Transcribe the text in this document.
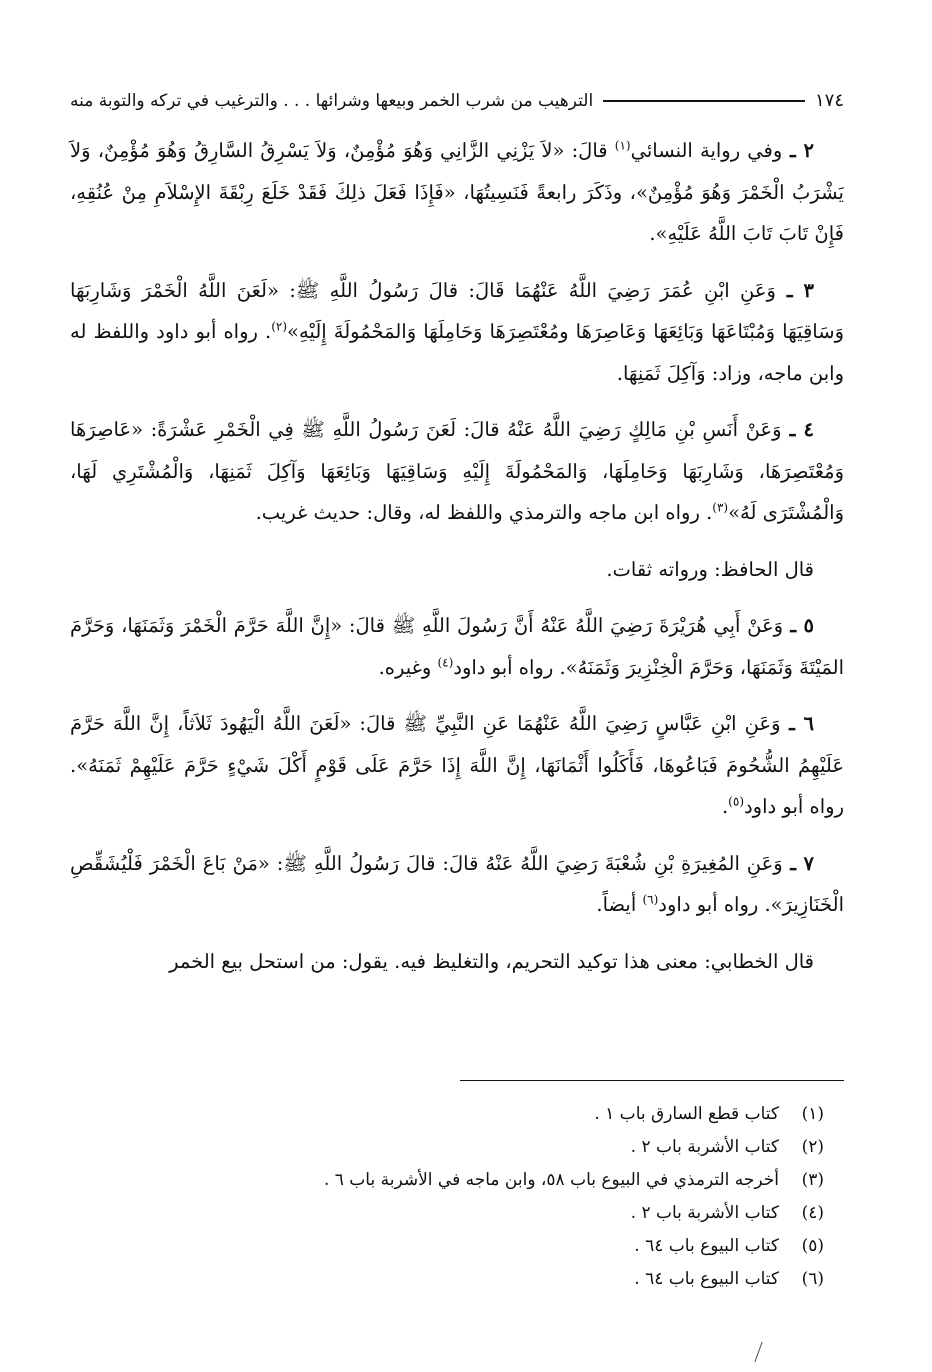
١٧٤
الترهيب من شرب الخمر وبيعها وشرائها . . . والترغيب في تركه والتوبة منه

٢ ـ وفي رواية النسائي$^{(١)}$ قالَ: «لاَ يَزْنِي الزَّانِي وَهُوَ مُؤْمِنٌ، وَلاَ يَسْرِقُ السَّارِقُ وَهُوَ مُؤْمِنٌ، وَلاَ يَشْرَبُ الْخَمْرَ وَهُوَ مُؤْمِنٌ»، وذَكَرَ رابعةً فَنَسِيتُهَا، «فَإِذَا فَعَلَ ذلِكَ فَقَدْ خَلَعَ رِبْقَةَ الإِسْلاَمِ مِنْ عُنُقِهِ، فَإِنْ تَابَ تَابَ اللَّهُ عَلَيْهِ».

٣ ـ وَعَنِ ابْنِ عُمَرَ رَضِيَ اللَّهُ عَنْهُمَا قَالَ: قالَ رَسُولُ اللَّهِ ﷺ: «لَعَنَ اللَّهُ الْخَمْرَ وَشَارِبَهَا وَسَاقِيَهَا وَمُبْتَاعَهَا وَبَائِعَهَا وَعَاصِرَهَا ومُعْتَصِرَهَا وَحَامِلَهَا وَالمَحْمُولَةَ إِلَيْهِ»$^{(٢)}$. رواه أبو داود واللفظ له وابن ماجه، وزاد: وَآكِلَ ثَمَنِهَا.

٤ ـ وَعَنْ أَنَسِ بْنِ مَالِكٍ رَضِيَ اللَّهُ عَنْهُ قالَ: لَعَنَ رَسُولُ اللَّهِ ﷺ فِي الْخَمْرِ عَشْرَةً: «عَاصِرَهَا وَمُعْتَصِرَهَا، وَشَارِبَهَا وَحَامِلَهَا، وَالمَحْمُولَةَ إِلَيْهِ وَسَاقِيَهَا وَبَائِعَهَا وَآكِلَ ثَمَنِهَا، وَالْمُشْتَرِي لَهَا، وَالْمُشْتَرَى لَهُ»$^{(٣)}$. رواه ابن ماجه والترمذي واللفظ له، وقال: حديث غريب.

قال الحافظ: ورواته ثقات.

٥ ـ وَعَنْ أَبِي هُرَيْرَةَ رَضِيَ اللَّهُ عَنْهُ أَنَّ رَسُولَ اللَّهِ ﷺ قالَ: «إِنَّ اللَّهَ حَرَّمَ الْخَمْرَ وَثَمَنَهَا، وَحَرَّمَ المَيْتَةَ وَثَمَنَهَا، وَحَرَّمَ الْخِنْزِيرَ وَثَمَنَهُ». رواه أبو داود$^{(٤)}$ وغيره.

٦ ـ وَعَنِ ابْنِ عَبَّاسٍ رَضِيَ اللَّهُ عَنْهُمَا عَنِ النَّبِيِّ ﷺ قالَ: «لَعَنَ اللَّهُ الْيَهُودَ ثَلاَثاً، إِنَّ اللَّهَ حَرَّمَ عَلَيْهِمُ الشُّحُومَ فَبَاعُوهَا، فَأَكَلُوا أَثْمَانَهَا، إِنَّ اللَّهَ إِذَا حَرَّمَ عَلَى قَوْمٍ أَكْلَ شَيْءٍ حَرَّمَ عَلَيْهِمْ ثَمَنَهُ». رواه أبو داود$^{(٥)}$.

٧ ـ وَعَنِ المُغِيرَةِ بْنِ شُعْبَةَ رَضِيَ اللَّهُ عَنْهُ قالَ: قالَ رَسُولُ اللَّهِ ﷺ: «مَنْ بَاعَ الْخَمْرَ فَلْيُشَقِّصِ الْخَنَازِيرَ». رواه أبو داود$^{(٦)}$ أيضاً.

قال الخطابي: معنى هذا توكيد التحريم، والتغليظ فيه. يقول: من استحل بيع الخمر

(١)
كتاب قطع السارق باب ١ .
(٢)
كتاب الأشربة باب ٢ .
(٣)
أخرجه الترمذي في البيوع باب ٥٨، وابن ماجه في الأشربة باب ٦ .
(٤)
كتاب الأشربة باب ٢ .
(٥)
كتاب البيوع باب ٦٤ .
(٦)
كتاب البيوع باب ٦٤ .
